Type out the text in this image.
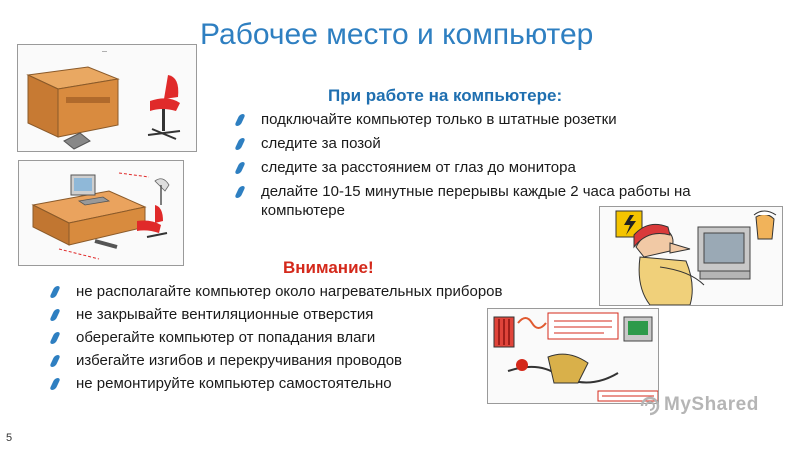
Рабочее место и компьютер
—
При работе на компьютере:
подключайте компьютер только в штатные розетки
следите за позой
следите за расстоянием от глаз до монитора
делайте 10-15 минутные перерывы каждые 2 часа работы на компьютере
Внимание!
не располагайте компьютер около нагревательных приборов
не закрывайте вентиляционные отверстия
оберегайте компьютер от попадания влаги
избегайте изгибов и перекручивания проводов
не ремонтируйте компьютер самостоятельно
MyShared
5
